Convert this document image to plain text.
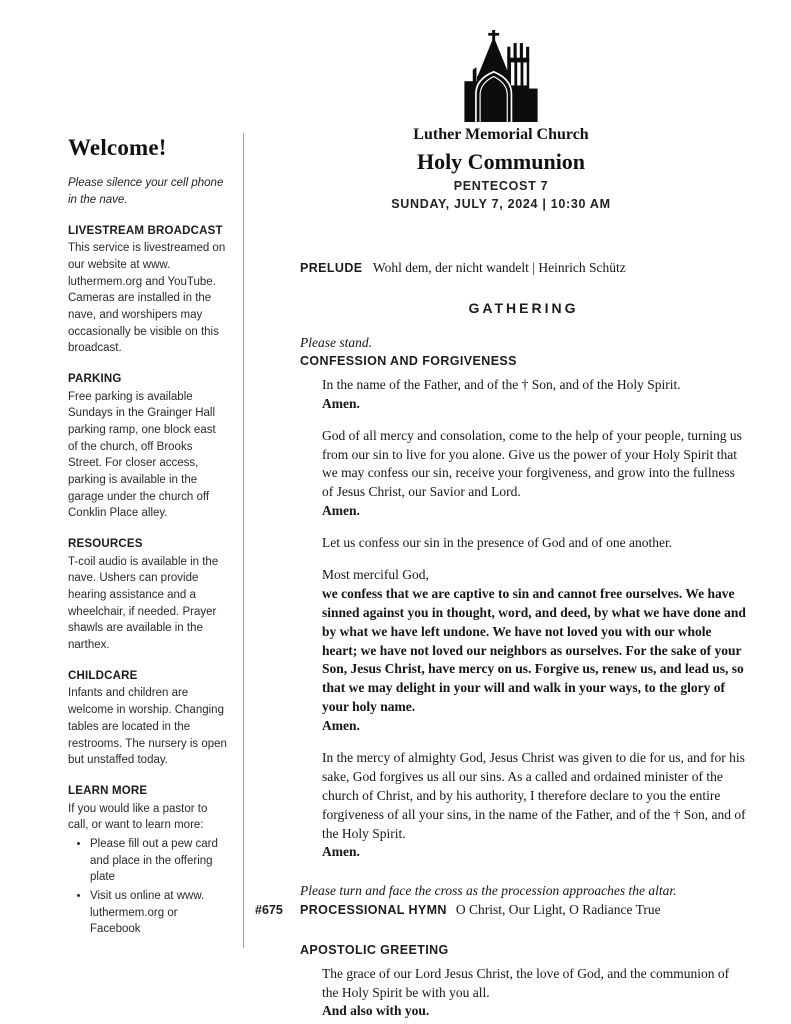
Welcome!
Please silence your cell phone in the nave.
LIVESTREAM BROADCAST
This service is livestreamed on our website at www. luthermem.org and YouTube. Cameras are installed in the nave, and worshipers may occasionally be visible on this broadcast.
PARKING
Free parking is available Sundays in the Grainger Hall parking ramp, one block east of the church, off Brooks Street. For closer access, parking is available in the garage under the church off Conklin Place alley.
RESOURCES
T-coil audio is available in the nave. Ushers can provide hearing assistance and a wheelchair, if needed. Prayer shawls are available in the narthex.
CHILDCARE
Infants and children are welcome in worship. Changing tables are located in the restrooms. The nursery is open but unstaffed today.
LEARN MORE
If you would like a pastor to call, or want to learn more:
• Please fill out a pew card and place in the offering plate
• Visit us online at www. luthermem.org or Facebook
Luther Memorial Church
Holy Communion
PENTECOST 7
SUNDAY, JULY 7, 2024 | 10:30 AM
PRELUDE Wohl dem, der nicht wandelt | Heinrich Schütz
GATHERING
Please stand.
CONFESSION AND FORGIVENESS
In the name of the Father, and of the † Son, and of the Holy Spirit.
Amen.
God of all mercy and consolation, come to the help of your people, turning us from our sin to live for you alone. Give us the power of your Holy Spirit that we may confess our sin, receive your forgiveness, and grow into the fullness of Jesus Christ, our Savior and Lord.
Amen.
Let us confess our sin in the presence of God and of one another.
Most merciful God,
we confess that we are captive to sin and cannot free ourselves. We have sinned against you in thought, word, and deed, by what we have done and by what we have left undone. We have not loved you with our whole heart; we have not loved our neighbors as ourselves. For the sake of your Son, Jesus Christ, have mercy on us. Forgive us, renew us, and lead us, so that we may delight in your will and walk in your ways, to the glory of your holy name.
Amen.
In the mercy of almighty God, Jesus Christ was given to die for us, and for his sake, God forgives us all our sins. As a called and ordained minister of the church of Christ, and by his authority, I therefore declare to you the entire forgiveness of all your sins, in the name of the Father, and of the † Son, and of the Holy Spirit.
Amen.
Please turn and face the cross as the procession approaches the altar.
#675	PROCESSIONAL HYMN O Christ, Our Light, O Radiance True
APOSTOLIC GREETING
The grace of our Lord Jesus Christ, the love of God, and the communion of the Holy Spirit be with you all.
And also with you.
